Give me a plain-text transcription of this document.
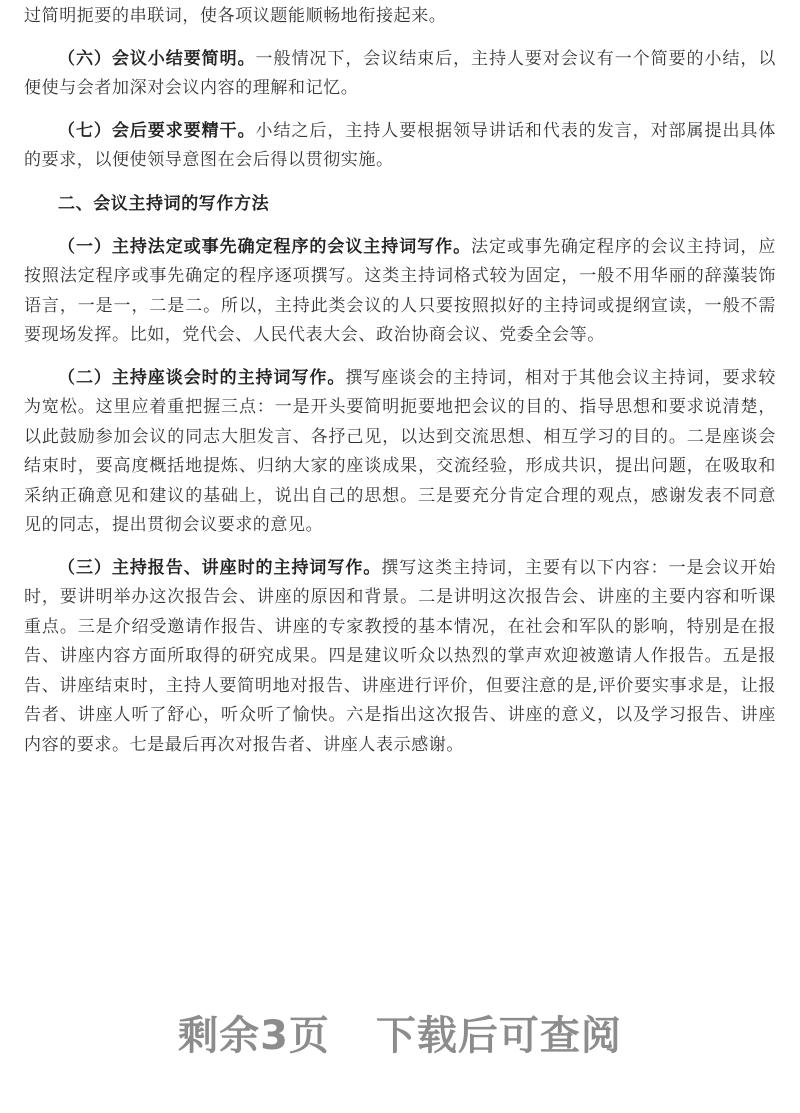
过简明扼要的串联词，使各项议题能顺畅地衔接起来。

（六）会议小结要简明。一般情况下，会议结束后，主持人要对会议有一个简要的小结，以便使与会者加深对会议内容的理解和记忆。

（七）会后要求要精干。小结之后，主持人要根据领导讲话和代表的发言，对部属提出具体的要求，以便使领导意图在会后得以贯彻实施。

二、会议主持词的写作方法

（一）主持法定或事先确定程序的会议主持词写作。法定或事先确定程序的会议主持词，应按照法定程序或事先确定的程序逐项撰写。这类主持词格式较为固定，一般不用华丽的辞藻装饰语言，一是一，二是二。所以，主持此类会议的人只要按照拟好的主持词或提纲宣读，一般不需要现场发挥。比如，党代会、人民代表大会、政治协商会议、党委全会等。

（二）主持座谈会时的主持词写作。撰写座谈会的主持词，相对于其他会议主持词，要求较为宽松。这里应着重把握三点：一是开头要简明扼要地把会议的目的、指导思想和要求说清楚，以此鼓励参加会议的同志大胆发言、各抒己见，以达到交流思想、相互学习的目的。二是座谈会结束时，要高度概括地提炼、归纳大家的座谈成果，交流经验，形成共识，提出问题，在吸取和采纳正确意见和建议的基础上，说出自己的思想。三是要充分肯定合理的观点，感谢发表不同意见的同志，提出贯彻会议要求的意见。

（三）主持报告、讲座时的主持词写作。撰写这类主持词，主要有以下内容：一是会议开始时，要讲明举办这次报告会、讲座的原因和背景。二是讲明这次报告会、讲座的主要内容和听课重点。三是介绍受邀请作报告、讲座的专家教授的基本情况，在社会和军队的影响，特别是在报告、讲座内容方面所取得的研究成果。四是建议听众以热烈的掌声欢迎被邀请人作报告。五是报告、讲座结束时，主持人要简明地对报告、讲座进行评价，但要注意的是,评价要实事求是，让报告者、讲座人听了舒心，听众听了愉快。六是指出这次报告、讲座的意义，以及学习报告、讲座内容的要求。七是最后再次对报告者、讲座人表示感谢。

剩余3页 下载后可查阅
